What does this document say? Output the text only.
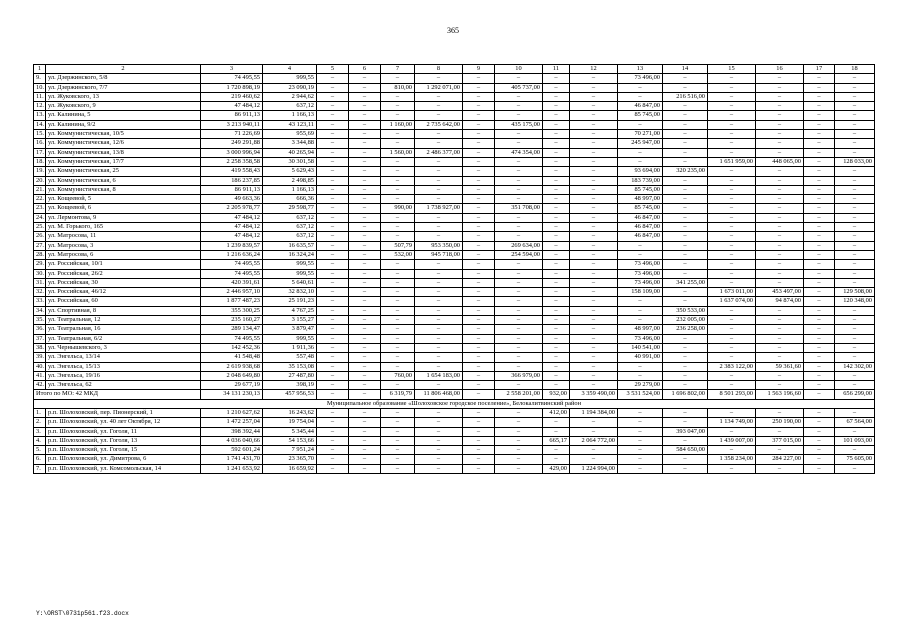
365
1	2	3	4	5	6	7	8	9	10	11	12	13	14	15	16	17	18
9.	ул. Дзержинского, 5/8	74 495,55	999,55	–	–	–	–	–	–	–	–	73 496,00	–	–	–	–	–
10.	ул. Дзержинского, 7/7	1 720 898,19	23 090,19	–	–	810,00	1 292 071,00	–	405 737,00	–	–	–	–	–	–	–	–
11.	ул. Жуковского, 13	219 460,62	2 944,62	–	–	–	–	–	–	–	–	–	216 516,00	–	–	–	–
12.	ул. Жуковского, 9	47 484,12	637,12	–	–	–	–	–	–	–	–	46 847,00	–	–	–	–	–
13.	ул. Калинина, 5	86 911,13	1 166,13	–	–	–	–	–	–	–	–	85 745,00	–	–	–	–	–
14.	ул. Калинина, 9/2	3 213 940,11	43 123,11	–	–	1 160,00	2 735 642,00	–	435 175,00	–	–	–	–	–	–	–	–
15.	ул. Коммунистическая, 10/5	71 226,69	955,69	–	–	–	–	–	–	–	–	70 271,00	–	–	–	–	–
16.	ул. Коммунистическая, 12/6	249 291,88	3 344,88	–	–	–	–	–	–	–	–	245 947,00	–	–	–	–	–
17.	ул. Коммунистическая, 13/8	3 000 996,94	40 265,94	–	–	1 560,00	2 486 377,00	–	474 354,00	–	–	–	–	–	–	–	–
18.	ул. Коммунистическая, 17/7	2 258 358,58	30 301,58	–	–	–	–	–	–	–	–	–	–	1 651 959,00	448 065,00	–	128 033,00
19.	ул. Коммунистическая, 25	419 558,43	5 629,43	–	–	–	–	–	–	–	–	93 694,00	320 235,00	–	–	–	–
20.	ул. Коммунистическая, 6	186 237,85	2 498,85	–	–	–	–	–	–	–	–	183 739,00	–	–	–	–	–
21.	ул. Коммунистическая, 8	86 911,13	1 166,13	–	–	–	–	–	–	–	–	85 745,00	–	–	–	–	–
22.	ул. Кощеевой, 5	49 663,36	666,36	–	–	–	–	–	–	–	–	48 997,00	–	–	–	–	–
23.	ул. Кощеевой, 6	2 205 978,77	29 598,77	–	–	990,00	1 738 927,00	–	351 708,00	–	–	85 745,00	–	–	–	–	–
24.	ул. Лермонтова, 9	47 484,12	637,12	–	–	–	–	–	–	–	–	46 847,00	–	–	–	–	–
25.	ул. М. Горького, 165	47 484,12	637,12	–	–	–	–	–	–	–	–	46 847,00	–	–	–	–	–
26.	ул. Матросова, 11	47 484,12	637,12	–	–	–	–	–	–	–	–	46 847,00	–	–	–	–	–
27.	ул. Матросова, 3	1 239 839,57	16 635,57	–	–	507,79	953 350,00	–	269 634,00	–	–	–	–	–	–	–	–
28.	ул. Матросова, 6	1 216 636,24	16 324,24	–	–	532,00	945 718,00	–	254 594,00	–	–	–	–	–	–	–	–
29.	ул. Российская, 10/1	74 495,55	999,55	–	–	–	–	–	–	–	–	73 496,00	–	–	–	–	–
30.	ул. Российская, 26/2	74 495,55	999,55	–	–	–	–	–	–	–	–	73 496,00	–	–	–	–	–
31.	ул. Российская, 30	420 391,61	5 640,61	–	–	–	–	–	–	–	–	73 496,00	341 255,00	–	–	–	–
32.	ул. Российская, 46/12	2 446 957,10	32 832,10	–	–	–	–	–	–	–	–	158 109,00	–	1 673 011,00	453 497,00	–	129 508,00
33.	ул. Российская, 60	1 877 487,23	25 191,23	–	–	–	–	–	–	–	–	–	–	1 637 074,00	94 874,00	–	120 348,00
34.	ул. Спортивная, 8	355 300,25	4 767,25	–	–	–	–	–	–	–	–	–	350 533,00	–	–	–	–
35.	ул. Театральная, 12	235 160,27	3 155,27	–	–	–	–	–	–	–	–	–	232 005,00	–	–	–	–
36.	ул. Театральная, 16	289 134,47	3 879,47	–	–	–	–	–	–	–	–	48 997,00	236 258,00	–	–	–	–
37.	ул. Театральная, 6/2	74 495,55	999,55	–	–	–	–	–	–	–	–	73 496,00	–	–	–	–	–
38.	ул. Чернышевского, 3	142 452,36	1 911,36	–	–	–	–	–	–	–	–	140 541,00	–	–	–	–	–
39.	ул. Энгельса, 13/14	41 548,48	557,48	–	–	–	–	–	–	–	–	40 991,00	–	–	–	–	–
40.	ул. Энгельса, 15/13	2 619 938,68	35 153,08	–	–	–	–	–	–	–	–	–	–	2 383 122,00	59 361,60	–	142 302,00
41.	ул. Энгельса, 19/16	2 048 649,80	27 487,80	–	–	760,00	1 654 183,00	–	366 979,00	–	–	–	–	–	–	–	–
42.	ул. Энгельса, 62	29 677,19	398,19	–	–	–	–	–	–	–	–	29 279,00	–	–	–	–	–
Итого по МО: 42 МКД		34 131 230,13	457 956,53	–	–	6 319,79	11 806 468,00	–	2 558 201,00	932,00	3 359 490,00	3 531 524,00	1 696 802,00	8 501 293,00	1 563 196,60	–	656 299,00
Муниципальное образование «Шолоховское городское поселение», Белокалитвинский район																	
1.	р.п. Шолоховский, пер. Пионерский, 1	1 210 627,62	16 243,62	–	–	–	–	–	–	412,00	1 194 384,00	–	–	–	–	–	–
2.	р.п. Шолоховский, ул. 40 лет Октября, 12	1 472 257,04	19 754,04	–	–	–	–	–	–	–	–	–	–	1 134 749,00	250 190,00	–	67 564,00
3.	р.п. Шолоховский, ул. Гоголя, 11	398 392,44	5 345,44	–	–	–	–	–	–	–	–	–	393 047,00	–	–	–	–
4.	р.п. Шолоховский, ул. Гоголя, 13	4 036 040,66	54 153,66	–	–	–	–	–	–	665,17	2 064 772,00	–	–	1 439 007,00	377 015,00	–	101 093,00
5.	р.п. Шолоховский, ул. Гоголя, 15	592 601,24	7 951,24	–	–	–	–	–	–	–	–	–	584 650,00	–	–	–	–
6.	р.п. Шолоховский, ул. Димитрова, 6	1 741 431,70	23 365,70	–	–	–	–	–	–	–	–	–	–	1 358 234,00	284 227,00	–	75 605,00
7.	р.п. Шолоховский, ул. Комсомольская, 14	1 241 653,92	16 659,92	–	–	–	–	–	–	429,00	1 224 994,00	–	–	–	–	–	–
Y:\ORST\0731p561.f23.docx
